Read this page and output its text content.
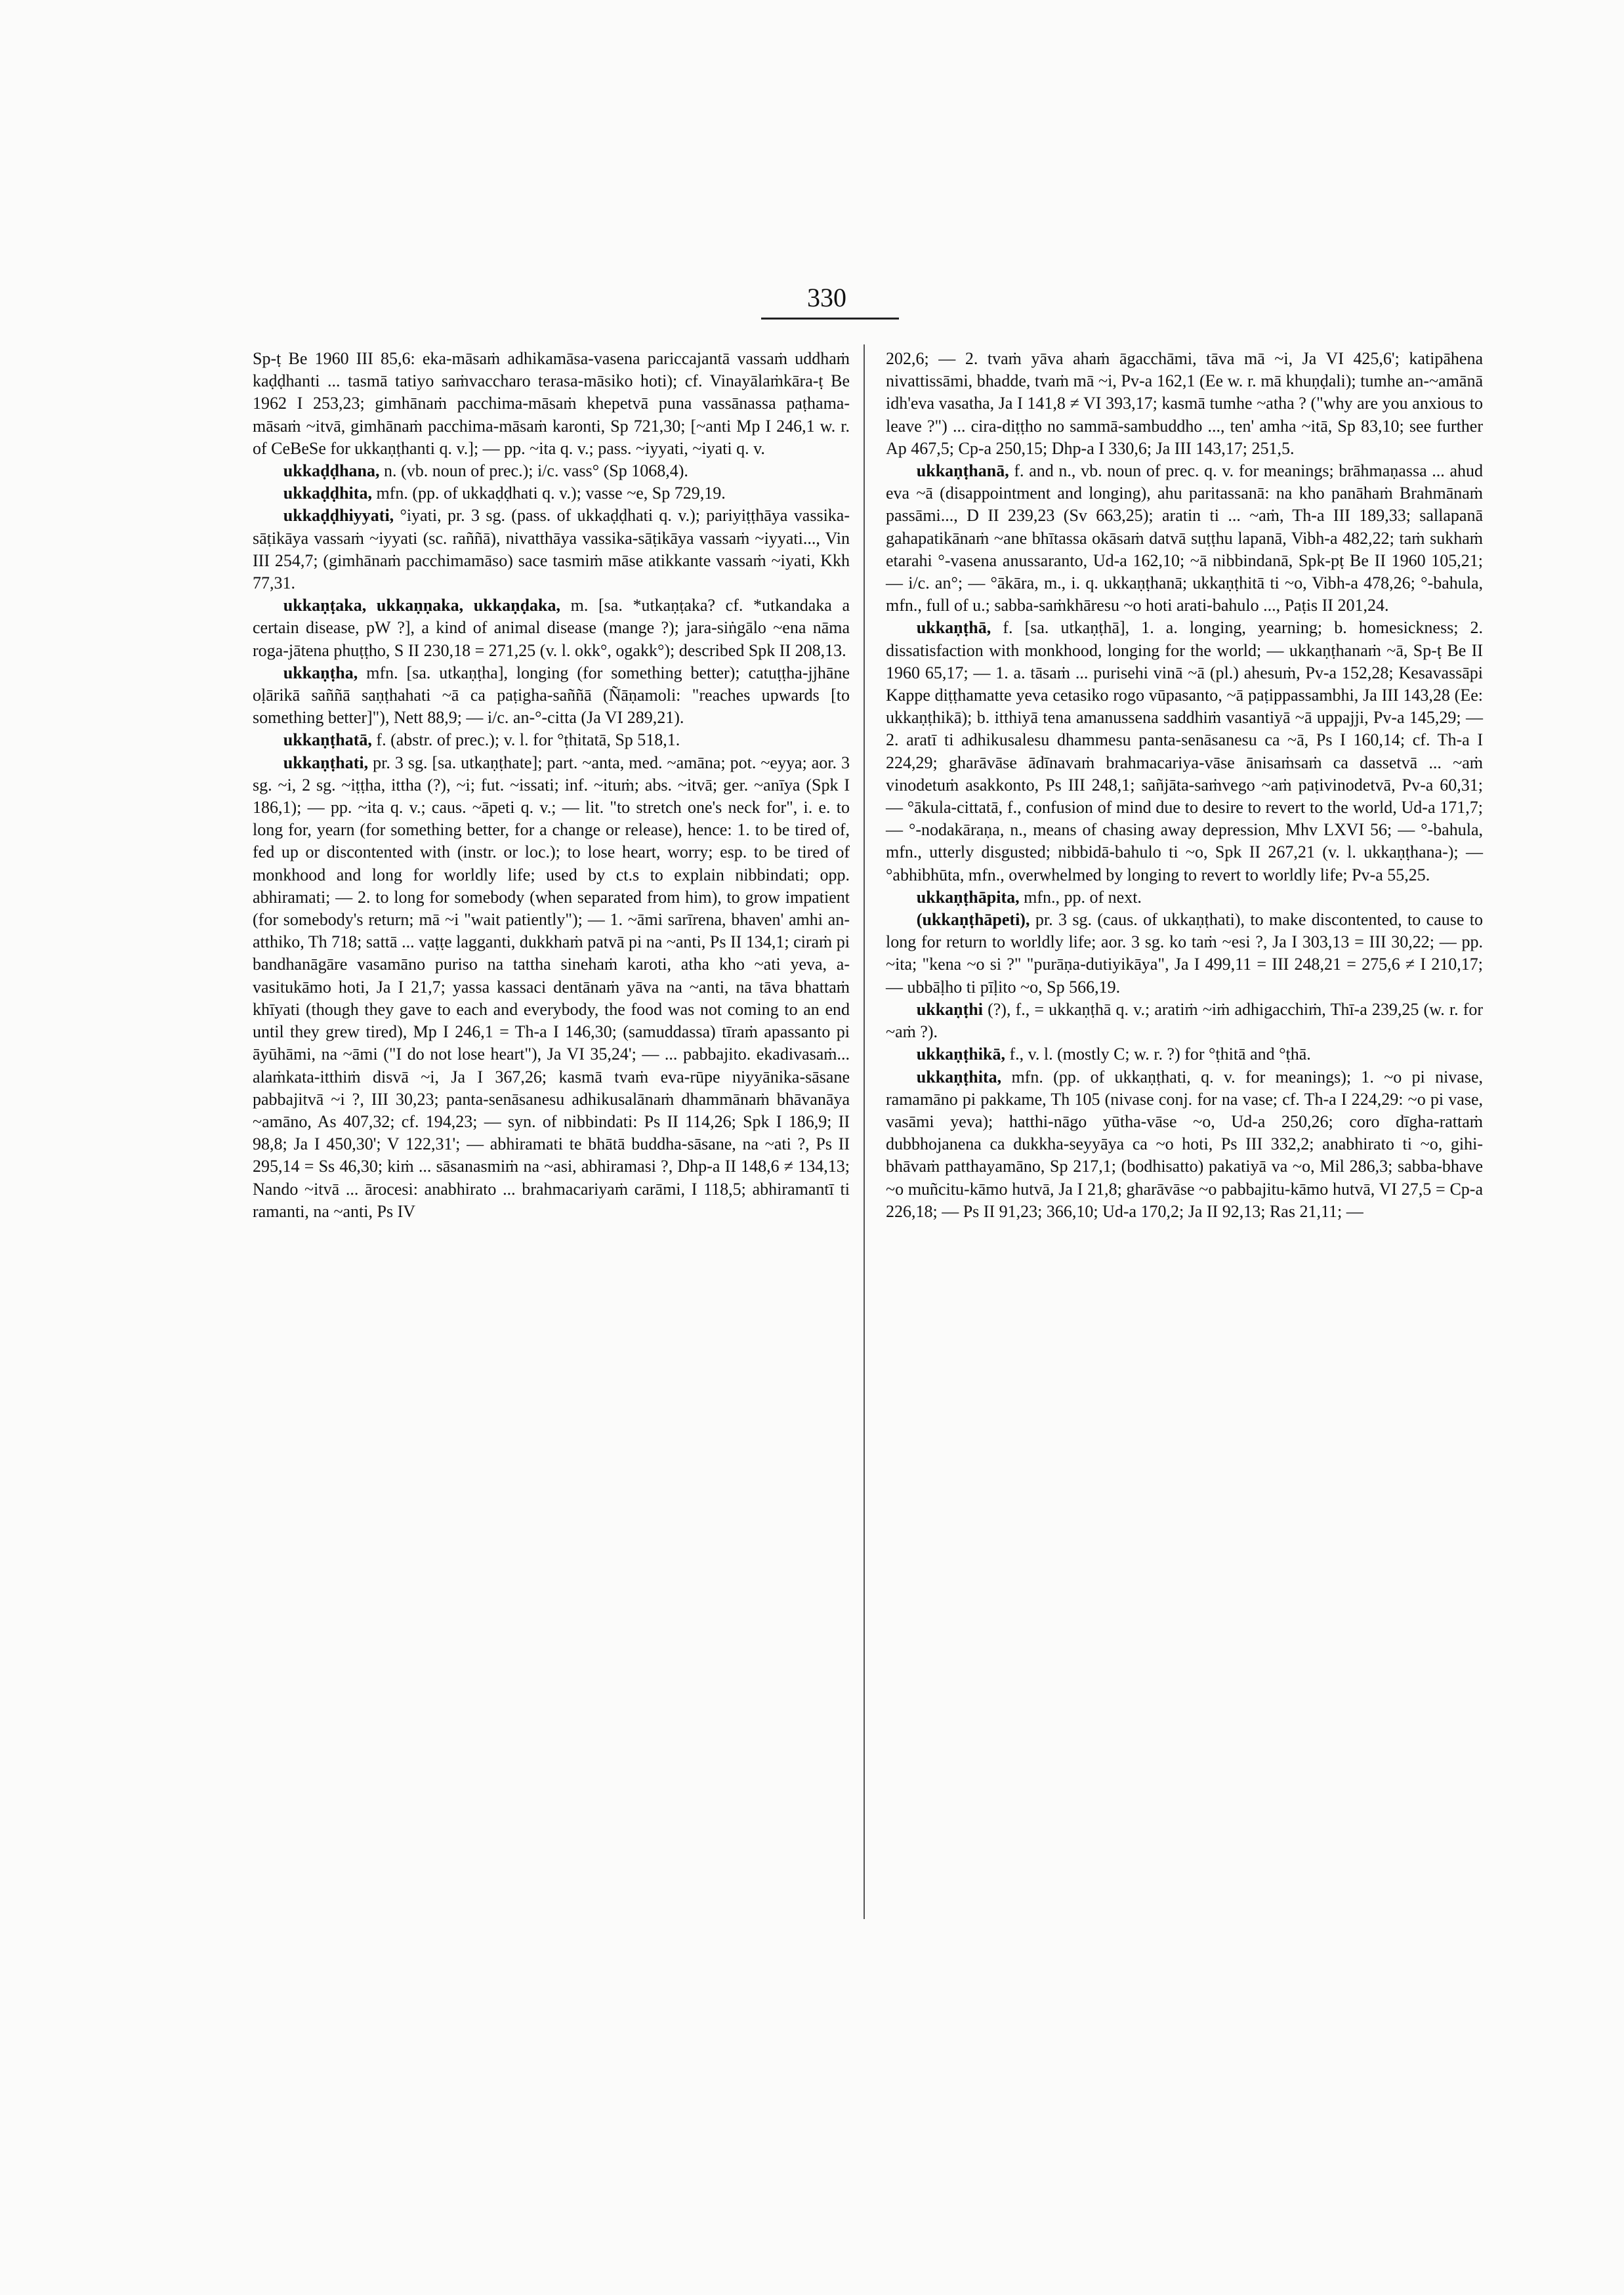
330

Sp-ṭ Be 1960 III 85,6: eka-māsaṁ adhikamāsa-vasena pariccajantā vassaṁ uddhaṁ kaḍḍhanti ... tasmā tatiyo saṁvaccharo terasa-māsiko hoti); cf. Vinayālaṁkāra-ṭ Be 1962 I 253,23; gimhānaṁ pacchima-māsaṁ khepetvā puna vassānassa paṭhama-māsaṁ ~itvā, gimhānaṁ pacchima-māsaṁ karonti, Sp 721,30; [~anti Mp I 246,1 w. r. of CeBeSe for ukkaṇṭhanti q. v.]; — pp. ~ita q. v.; pass. ~iyyati, ~iyati q. v.

ukkaḍḍhana, n. (vb. noun of prec.); i/c. vass° (Sp 1068,4).

ukkaḍḍhita, mfn. (pp. of ukkaḍḍhati q. v.); vasse ~e, Sp 729,19.

ukkaḍḍhiyyati, °iyati, pr. 3 sg. (pass. of ukkaḍḍhati q. v.); pariyiṭṭhāya vassika-sāṭikāya vassaṁ ~iyyati (sc. raññā), nivatthāya vassika-sāṭikāya vassaṁ ~iyyati..., Vin III 254,7; (gimhānaṁ pacchimamāso) sace tasmiṁ māse atikkante vassaṁ ~iyati, Kkh 77,31.

ukkaṇṭaka, ukkaṇṇaka, ukkaṇḍaka, m. [sa. *utkaṇṭaka? cf. *utkandaka a certain disease, pW ?], a kind of animal disease (mange ?); jara-siṅgālo ~ena nāma roga-jātena phuṭṭho, S II 230,18 = 271,25 (v. l. okk°, ogakk°); described Spk II 208,13.

ukkaṇṭha, mfn. [sa. utkaṇṭha], longing (for something better); catuṭṭha-jjhāne oḷārikā saññā saṇṭhahati ~ā ca paṭigha-saññā (Ñāṇamoli: "reaches upwards [to something better]"), Nett 88,9; — i/c. an-°-citta (Ja VI 289,21).

ukkaṇṭhatā, f. (abstr. of prec.); v. l. for °ṭhitatā, Sp 518,1.

ukkaṇṭhati, pr. 3 sg. [sa. utkaṇṭhate]; part. ~anta, med. ~amāna; pot. ~eyya; aor. 3 sg. ~i, 2 sg. ~iṭṭha, ittha (?), ~i; fut. ~issati; inf. ~ituṁ; abs. ~itvā; ger. ~anīya (Spk I 186,1); — pp. ~ita q. v.; caus. ~āpeti q. v.; — lit. "to stretch one's neck for", i. e. to long for, yearn (for something better, for a change or release), hence: 1. to be tired of, fed up or discontented with (instr. or loc.); to lose heart, worry; esp. to be tired of monkhood and long for worldly life; used by ct.s to explain nibbindati; opp. abhiramati; — 2. to long for somebody (when separated from him), to grow impatient (for somebody's return; mā ~i "wait patiently"); — 1. ~āmi sarīrena, bhaven' amhi an-atthiko, Th 718; sattā ... vaṭṭe lagganti, dukkhaṁ patvā pi na ~anti, Ps II 134,1; ciraṁ pi bandhanāgāre vasamāno puriso na tattha sinehaṁ karoti, atha kho ~ati yeva, a-vasitukāmo hoti, Ja I 21,7; yassa kassaci dentānaṁ yāva na ~anti, na tāva bhattaṁ khīyati (though they gave to each and everybody, the food was not coming to an end until they grew tired), Mp I 246,1 = Th-a I 146,30; (samuddassa) tīraṁ apassanto pi āyūhāmi, na ~āmi ("I do not lose heart"), Ja VI 35,24'; — ... pabbajito. ekadivasaṁ... alaṁkata-itthiṁ disvā ~i, Ja I 367,26; kasmā tvaṁ eva-rūpe niyyānika-sāsane pabbajitvā ~i ?, III 30,23; panta-senāsanesu adhikusalānaṁ dhammānaṁ bhāvanāya ~amāno, As 407,32; cf. 194,23; — syn. of nibbindati: Ps II 114,26; Spk I 186,9; II 98,8; Ja I 450,30'; V 122,31'; — abhiramati te bhātā buddha-sāsane, na ~ati ?, Ps II 295,14 = Ss 46,30; kiṁ ... sāsanasmiṁ na ~asi, abhiramasi ?, Dhp-a II 148,6 ≠ 134,13; Nando ~itvā ... ārocesi: anabhirato ... brahmacariyaṁ carāmi, I 118,5; abhiramantī ti ramanti, na ~anti, Ps IV

202,6; — 2. tvaṁ yāva ahaṁ āgacchāmi, tāva mā ~i, Ja VI 425,6'; katipāhena nivattissāmi, bhadde, tvaṁ mā ~i, Pv-a 162,1 (Ee w. r. mā khuṇḍali); tumhe an-~amānā idh'eva vasatha, Ja I 141,8 ≠ VI 393,17; kasmā tumhe ~atha ? ("why are you anxious to leave ?") ... cira-diṭṭho no sammā-sambuddho ..., ten' amha ~itā, Sp 83,10; see further Ap 467,5; Cp-a 250,15; Dhp-a I 330,6; Ja III 143,17; 251,5.

ukkaṇṭhanā, f. and n., vb. noun of prec. q. v. for meanings; brāhmaṇassa ... ahud eva ~ā (disappointment and longing), ahu paritassanā: na kho panāhaṁ Brahmānaṁ passāmi..., D II 239,23 (Sv 663,25); aratin ti ... ~aṁ, Th-a III 189,33; sallapanā gahapatikānaṁ ~ane bhītassa okāsaṁ datvā suṭṭhu lapanā, Vibh-a 482,22; taṁ sukhaṁ etarahi °-vasena anussaranto, Ud-a 162,10; ~ā nibbindanā, Spk-pṭ Be II 1960 105,21; — i/c. an°; — °ākāra, m., i. q. ukkaṇṭhanā; ukkaṇṭhitā ti ~o, Vibh-a 478,26; °-bahula, mfn., full of u.; sabba-saṁkhāresu ~o hoti arati-bahulo ..., Paṭis II 201,24.

ukkaṇṭhā, f. [sa. utkaṇṭhā], 1. a. longing, yearning; b. homesickness; 2. dissatisfaction with monkhood, longing for the world; — ukkaṇṭhanaṁ ~ā, Sp-ṭ Be II 1960 65,17; — 1. a. tāsaṁ ... purisehi vinā ~ā (pl.) ahesuṁ, Pv-a 152,28; Kesavassāpi Kappe diṭṭhamatte yeva cetasiko rogo vūpasanto, ~ā paṭippassambhi, Ja III 143,28 (Ee: ukkaṇṭhikā); b. itthiyā tena amanussena saddhiṁ vasantiyā ~ā uppajji, Pv-a 145,29; — 2. aratī ti adhikusalesu dhammesu panta-senāsanesu ca ~ā, Ps I 160,14; cf. Th-a I 224,29; gharāvāse ādīnavaṁ brahmacariya-vāse ānisaṁsaṁ ca dassetvā ... ~aṁ vinodetuṁ asakkonto, Ps III 248,1; sañjāta-saṁvego ~aṁ paṭivinodetvā, Pv-a 60,31; — °ākula-cittatā, f., confusion of mind due to desire to revert to the world, Ud-a 171,7; — °-nodakāraṇa, n., means of chasing away depression, Mhv LXVI 56; — °-bahula, mfn., utterly disgusted; nibbidā-bahulo ti ~o, Spk II 267,21 (v. l. ukkaṇṭhana-); — °abhibhūta, mfn., overwhelmed by longing to revert to worldly life; Pv-a 55,25.

ukkaṇṭhāpita, mfn., pp. of next.

(ukkaṇṭhāpeti), pr. 3 sg. (caus. of ukkaṇṭhati), to make discontented, to cause to long for return to worldly life; aor. 3 sg. ko taṁ ~esi ?, Ja I 303,13 = III 30,22; — pp. ~ita; "kena ~o si ?" "purāṇa-dutiyikāya", Ja I 499,11 = III 248,21 = 275,6 ≠ I 210,17; — ubbāḷho ti pīḷito ~o, Sp 566,19.

ukkaṇṭhi (?), f., = ukkaṇṭhā q. v.; aratiṁ ~iṁ adhigacchiṁ, Thī-a 239,25 (w. r. for ~aṁ ?).

ukkaṇṭhikā, f., v. l. (mostly C; w. r. ?) for °ṭhitā and °ṭhā.

ukkaṇṭhita, mfn. (pp. of ukkaṇṭhati, q. v. for meanings); 1. ~o pi nivase, ramamāno pi pakkame, Th 105 (nivase conj. for na vase; cf. Th-a I 224,29: ~o pi vase, vasāmi yeva); hatthi-nāgo yūtha-vāse ~o, Ud-a 250,26; coro dīgha-rattaṁ dubbhojanena ca dukkha-seyyāya ca ~o hoti, Ps III 332,2; anabhirato ti ~o, gihi-bhāvaṁ patthayamāno, Sp 217,1; (bodhisatto) pakatiyā va ~o, Mil 286,3; sabba-bhave ~o muñcitu-kāmo hutvā, Ja I 21,8; gharāvāse ~o pabbajitu-kāmo hutvā, VI 27,5 = Cp-a 226,18; — Ps II 91,23; 366,10; Ud-a 170,2; Ja II 92,13; Ras 21,11; —
